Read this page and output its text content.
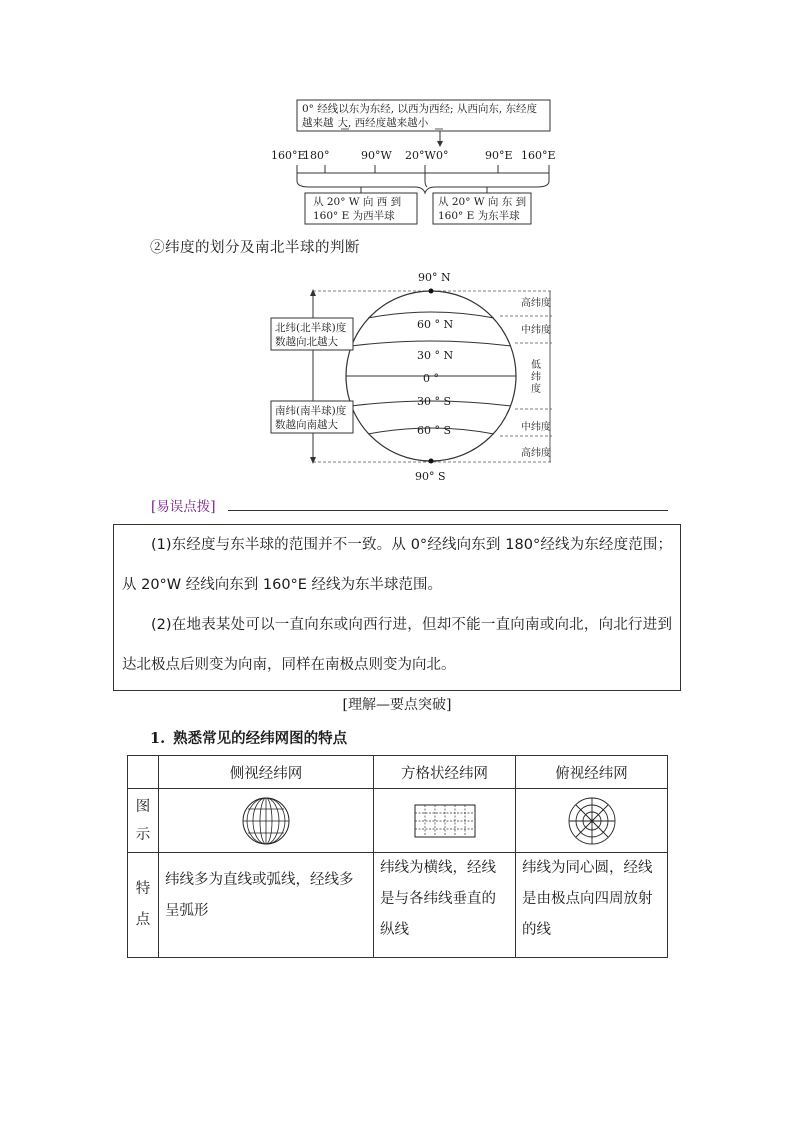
0° 经线以东为东经, 以西为西经; 从西向东, 东经度
越来越 大, 西经度越来越小
160°E
180°	90°W 20°W 0°	90°E 160°E
从 20° W 向 西 到
160° E 为西半球
从 20° W 向 东 到
160° E 为东半球
②纬度的划分及南北半球的判断
90° N
60 ° N
30 ° N
0 °
30 ° S
60 ° S
90° S
北纬(北半球)度
数越向北越大
南纬(南半球)度
数越向南越大
高纬度
中纬度
低
纬
度
中纬度
高纬度
[易误点拨]

(1)东经度与东半球的范围并不一致。从 0°经线向东到 180°经线为东经度范围；从 20°W 经线向东到 160°E 经线为东半球范围。

(2)在地表某处可以一直向东或向西行进，但却不能一直向南或向北，向北行进到达北极点后则变为向南，同样在南极点则变为向北。

[理解—要点突破]
1. 熟悉常见的经纬网图的特点
	侧视经纬网	方格状经纬网	俯视经纬网

图
示

特
点	纬线多为直线或弧线，经线多呈弧形	纬线为横线，经线是与各纬线垂直的纵线	纬线为同心圆，经线是由极点向四周放射的线
